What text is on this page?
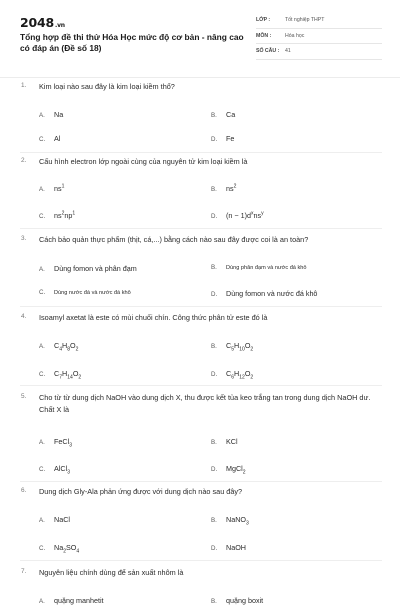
2048.vn
Tổng hợp đề thi thử Hóa Học mức độ cơ bản - nâng cao có đáp án (Đề số 18)
LỚP :	Tốt nghiệp THPT
MÔN :	Hóa học
SỐ CÂU : 41
1. Kim loại nào sau đây là kim loại kiềm thổ?
A. Na	B. Ca
C. Al	D. Fe
2. Cấu hình electron lớp ngoài cùng của nguyên tử kim loại kiềm là
A. $ns^1$	B. $ns^2$
C. $ns^2np^1$	D. $(n - 1)d^xns^y$
3. Cách bảo quản thực phẩm (thịt, cá,...) bằng cách nào sau đây được coi là an toàn?
A. Dùng fomon và phân đạm	B. Dùng phân đạm và nước đá khô
C. Dùng nước đá và nước đá khô	D. Dùng fomon và nước đá khô
4. Isoamyl axetat là este có mùi chuối chín. Công thức phân tử este đó là
A. $C_4H_8O_2$	B. $C_5H_{10}O_2$
C. $C_7H_{14}O_2$	D. $C_6H_{12}O_2$
5. Cho từ từ dung dịch NaOH vào dung dịch X, thu được kết tủa keo trắng tan trong dung dịch NaOH dư. Chất X là
A. FeCl$_3$	B. KCl
C. AlCl$_3$	D. MgCl$_2$
6. Dung dịch Gly-Ala phản ứng được với dung dịch nào sau đây?
A. NaCl	B. NaNO$_3$
C. $Na_2SO_4$	D. NaOH
7. Nguyên liệu chính dùng để sản xuất nhôm là
A. quặng manhetit	B. quặng boxit
